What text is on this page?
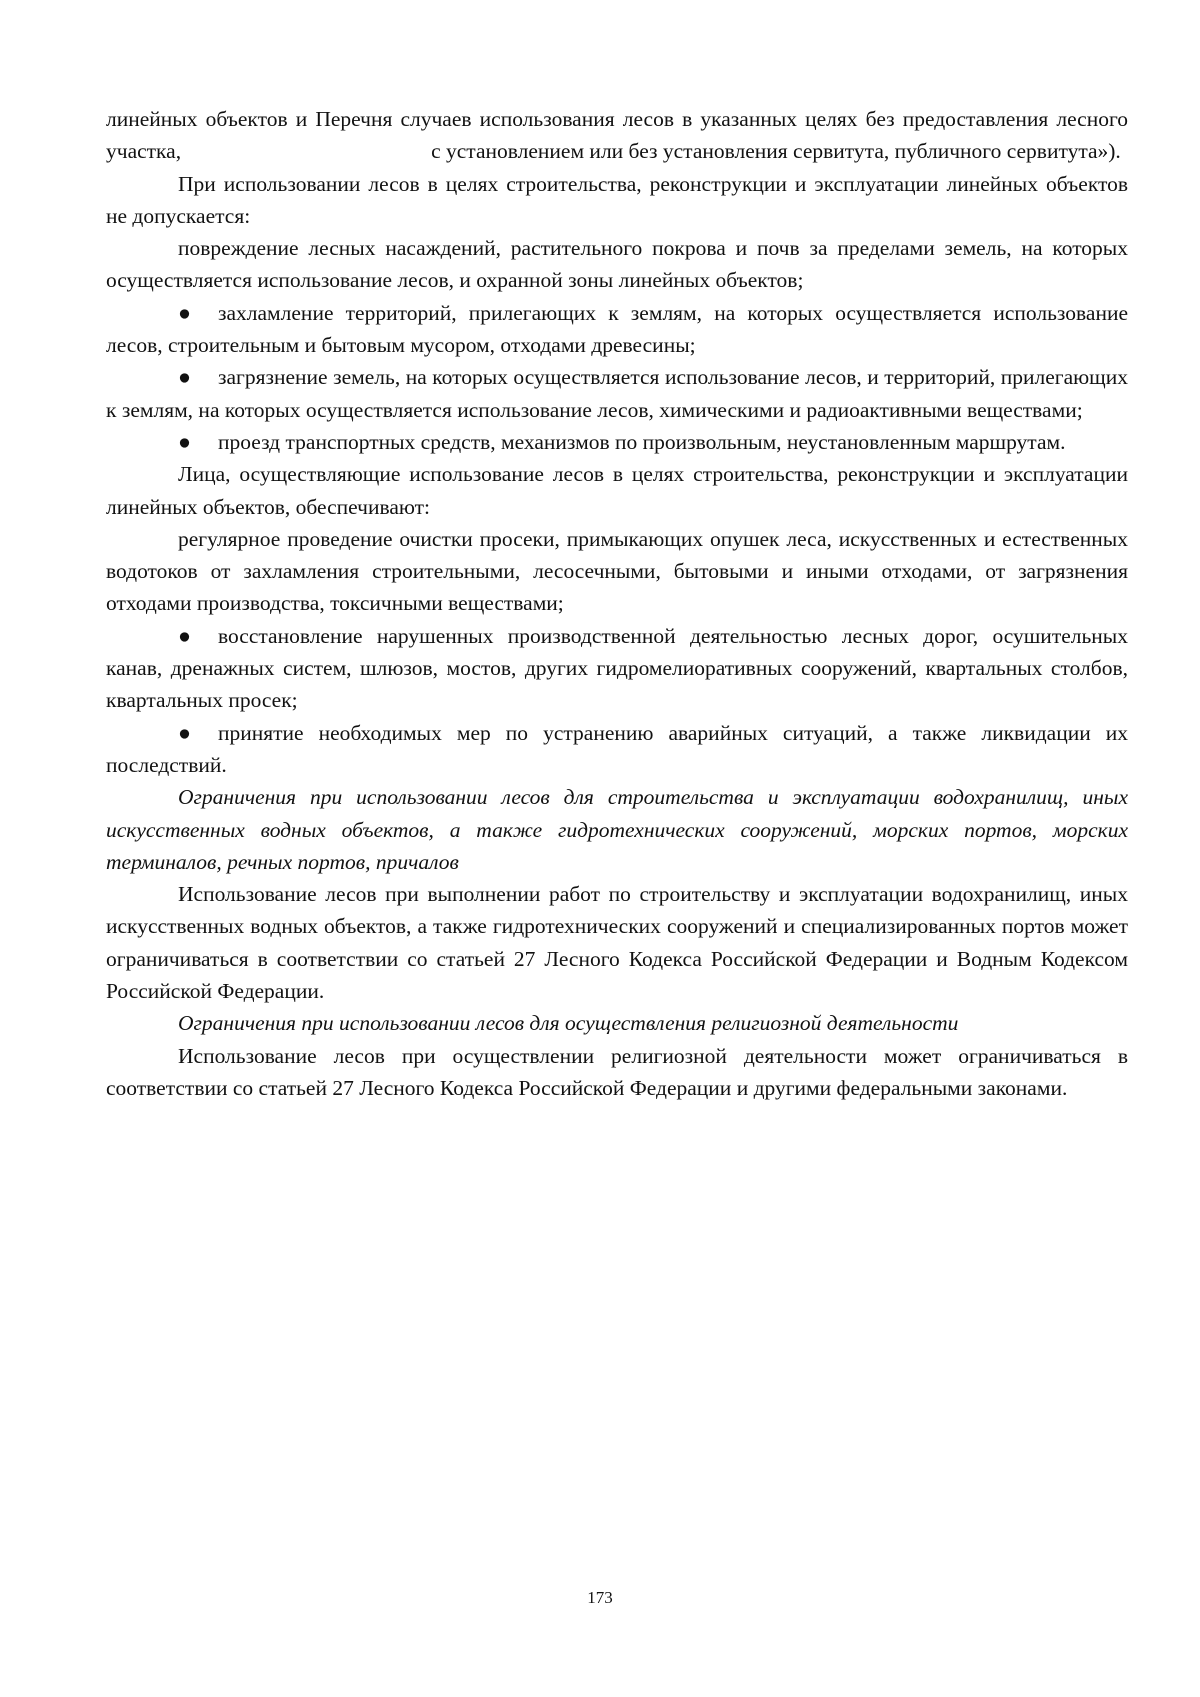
линейных объектов и Перечня случаев использования лесов в указанных целях без предоставления лесного участка,	с установлением или без установления сервитута, публичного сервитута»).

При использовании лесов в целях строительства, реконструкции и эксплуатации линейных объектов не допускается:

повреждение лесных насаждений, растительного покрова и почв за пределами земель, на которых осуществляется использование лесов, и охранной зоны линейных объектов;

● захламление территорий, прилегающих к землям, на которых осуществляется использование лесов, строительным и бытовым мусором, отходами древесины;

● загрязнение земель, на которых осуществляется использование лесов, и территорий, прилегающих к землям, на которых осуществляется использование лесов, химическими и радиоактивными веществами;

● проезд транспортных средств, механизмов по произвольным, неустановленным маршрутам.

Лица, осуществляющие использование лесов в целях строительства, реконструкции и эксплуатации линейных объектов, обеспечивают:

регулярное проведение очистки просеки, примыкающих опушек леса, искусственных и естественных водотоков от захламления строительными, лесосечными, бытовыми и иными отходами, от загрязнения отходами производства, токсичными веществами;

● восстановление нарушенных производственной деятельностью лесных дорог, осушительных канав, дренажных систем, шлюзов, мостов, других гидромелиоративных сооружений, квартальных столбов, квартальных просек;

● принятие необходимых мер по устранению аварийных ситуаций, а также ликвидации их последствий.

Ограничения при использовании лесов для строительства и эксплуатации водохранилищ, иных искусственных водных объектов, а также гидротехнических сооружений, морских портов, морских терминалов, речных портов, причалов

Использование лесов при выполнении работ по строительству и эксплуатации водохранилищ, иных искусственных водных объектов, а также гидротехнических сооружений и специализированных портов может ограничиваться в соответствии со статьей 27 Лесного Кодекса Российской Федерации и Водным Кодексом Российской Федерации.

Ограничения при использовании лесов для осуществления религиозной деятельности

Использование лесов при осуществлении религиозной деятельности может ограничиваться в соответствии со статьей 27 Лесного Кодекса Российской Федерации и другими федеральными законами.

173
